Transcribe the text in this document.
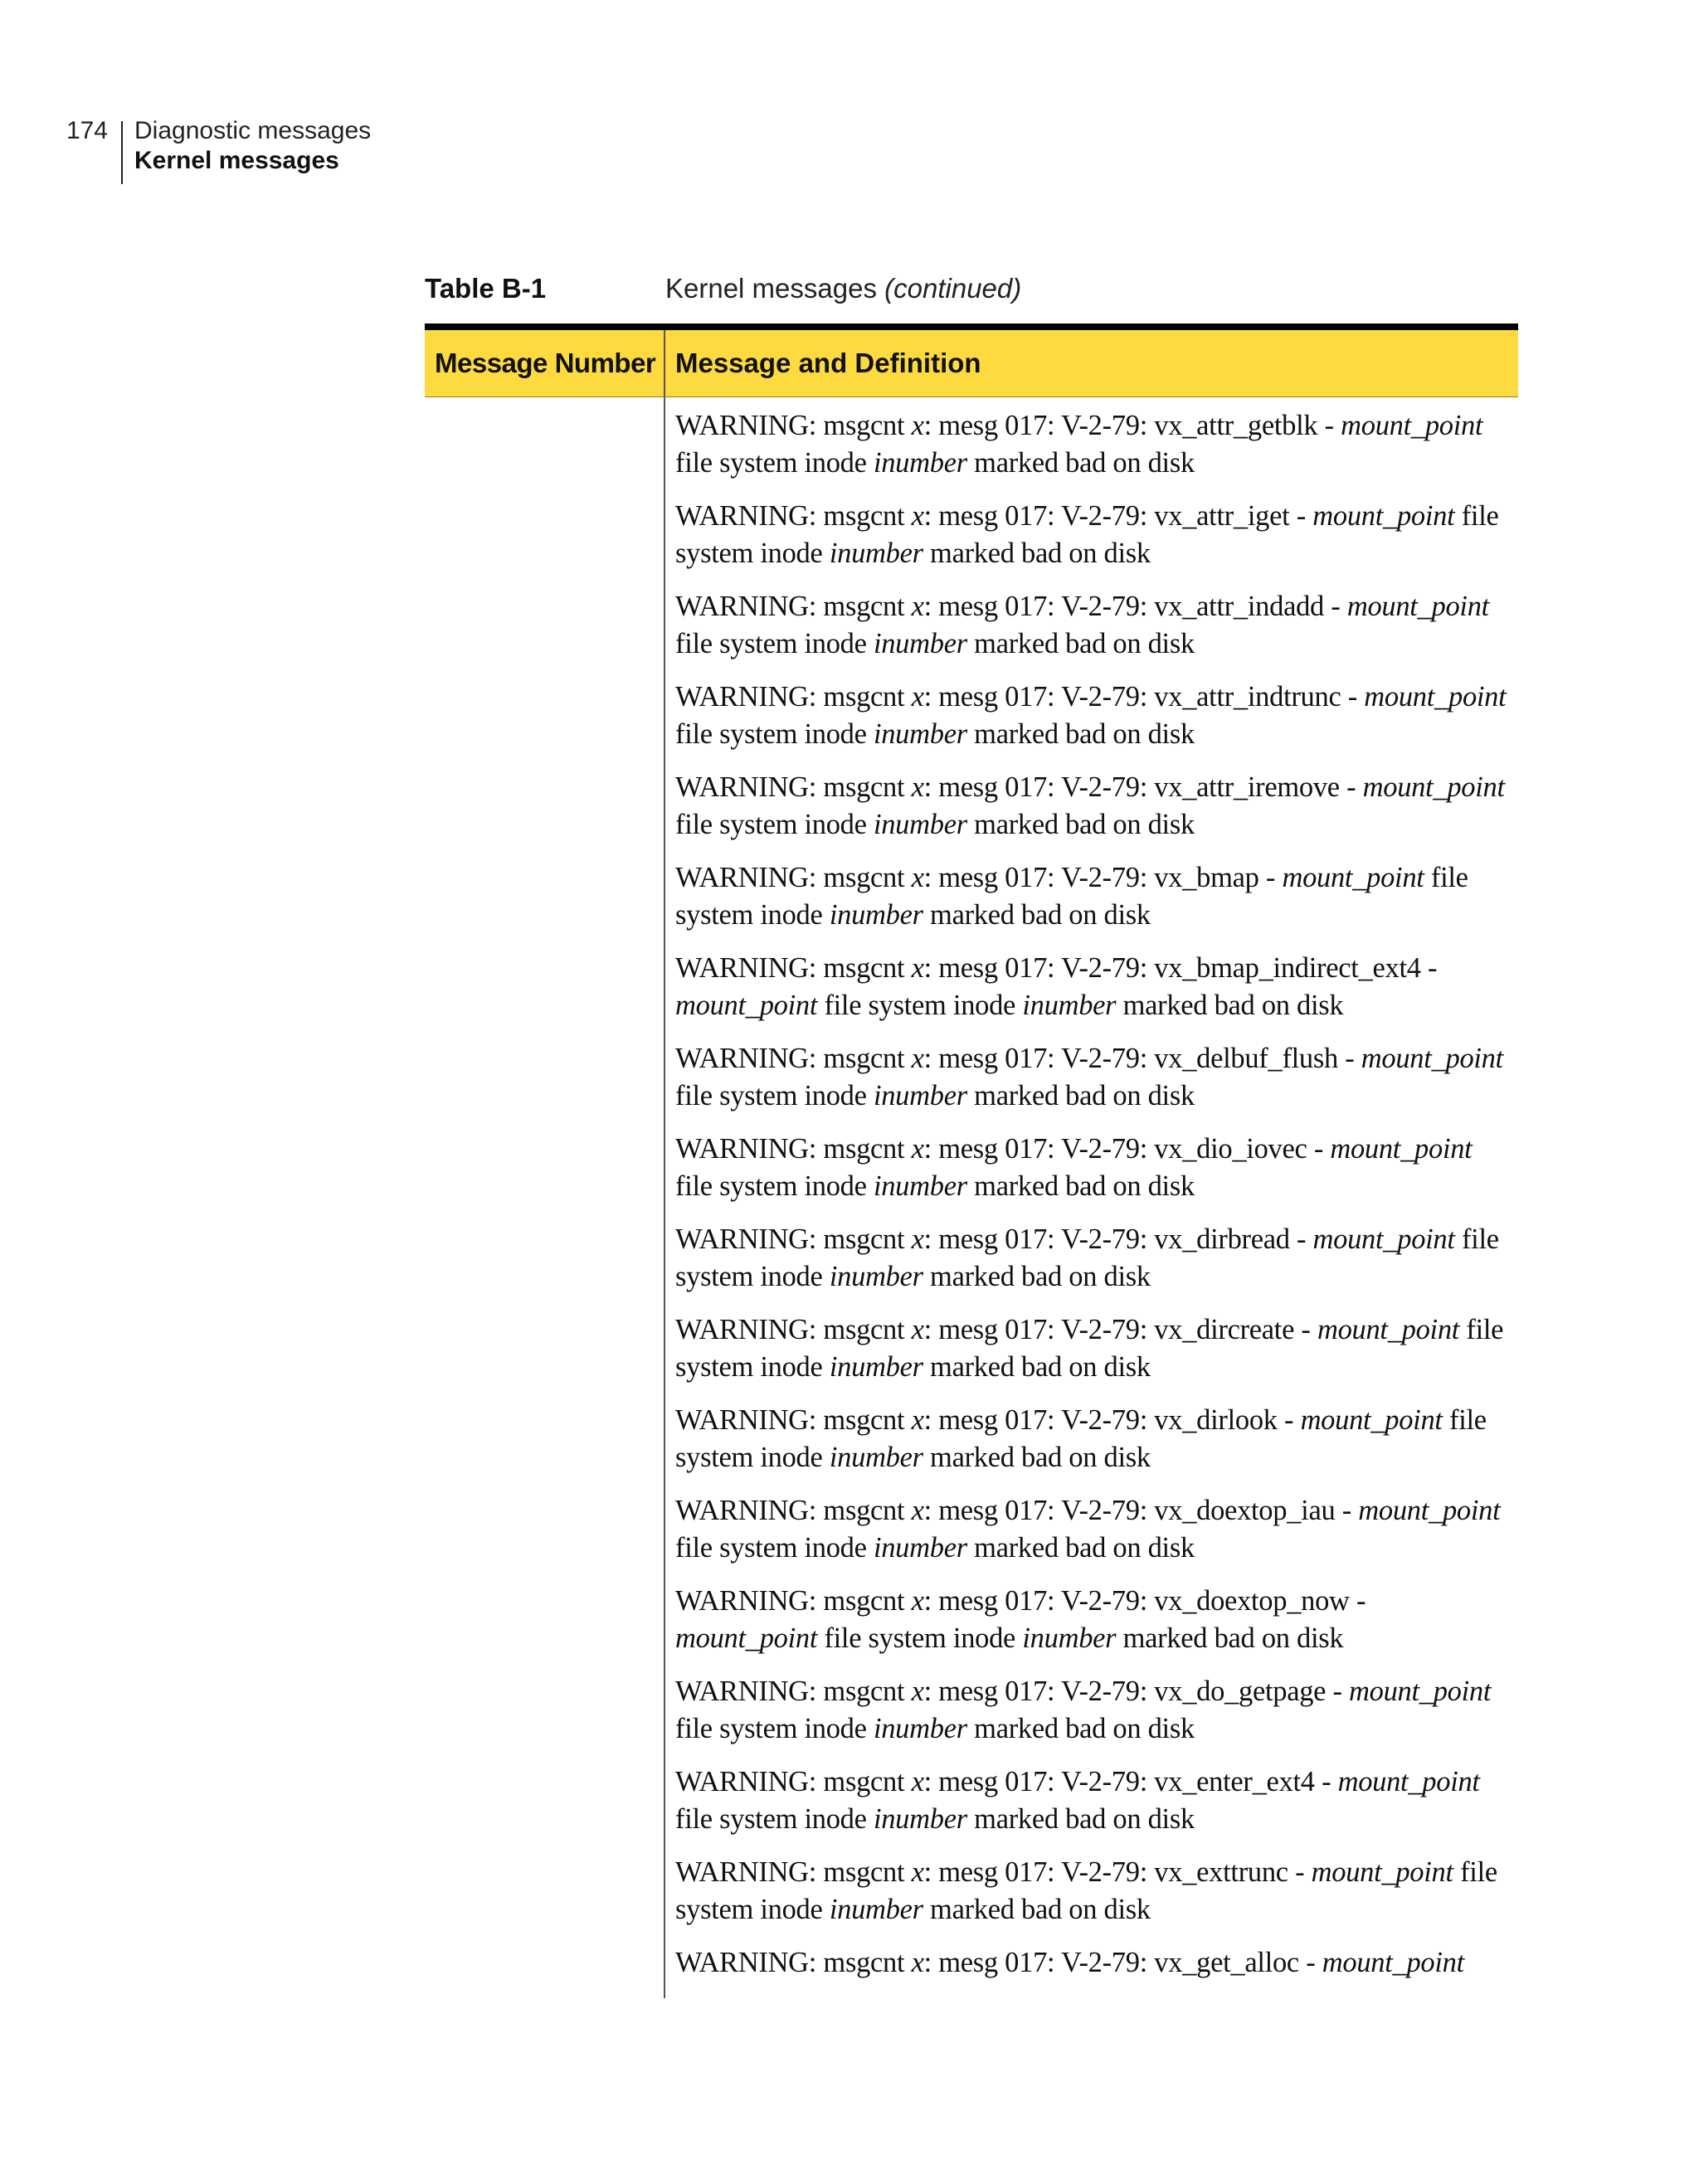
174 Diagnostic messages
Kernel messages
Table B-1	Kernel messages (continued)
Message Number Message and Definition

WARNING: msgcnt x: mesg 017: V-2-79: vx_attr_getblk - mount_point file system inode inumber marked bad on disk

WARNING: msgcnt x: mesg 017: V-2-79: vx_attr_iget - mount_point file system inode inumber marked bad on disk

WARNING: msgcnt x: mesg 017: V-2-79: vx_attr_indadd - mount_point file system inode inumber marked bad on disk

WARNING: msgcnt x: mesg 017: V-2-79: vx_attr_indtrunc - mount_point file system inode inumber marked bad on disk

WARNING: msgcnt x: mesg 017: V-2-79: vx_attr_iremove - mount_point file system inode inumber marked bad on disk

WARNING: msgcnt x: mesg 017: V-2-79: vx_bmap - mount_point file system inode inumber marked bad on disk

WARNING: msgcnt x: mesg 017: V-2-79: vx_bmap_indirect_ext4 - mount_point file system inode inumber marked bad on disk

WARNING: msgcnt x: mesg 017: V-2-79: vx_delbuf_flush - mount_point file system inode inumber marked bad on disk

WARNING: msgcnt x: mesg 017: V-2-79: vx_dio_iovec - mount_point file system inode inumber marked bad on disk

WARNING: msgcnt x: mesg 017: V-2-79: vx_dirbread - mount_point file system inode inumber marked bad on disk

WARNING: msgcnt x: mesg 017: V-2-79: vx_dircreate - mount_point file system inode inumber marked bad on disk

WARNING: msgcnt x: mesg 017: V-2-79: vx_dirlook - mount_point file system inode inumber marked bad on disk

WARNING: msgcnt x: mesg 017: V-2-79: vx_doextop_iau - mount_point file system inode inumber marked bad on disk

WARNING: msgcnt x: mesg 017: V-2-79: vx_doextop_now - mount_point file system inode inumber marked bad on disk

WARNING: msgcnt x: mesg 017: V-2-79: vx_do_getpage - mount_point file system inode inumber marked bad on disk

WARNING: msgcnt x: mesg 017: V-2-79: vx_enter_ext4 - mount_point file system inode inumber marked bad on disk

WARNING: msgcnt x: mesg 017: V-2-79: vx_exttrunc - mount_point file system inode inumber marked bad on disk

WARNING: msgcnt x: mesg 017: V-2-79: vx_get_alloc - mount_point
